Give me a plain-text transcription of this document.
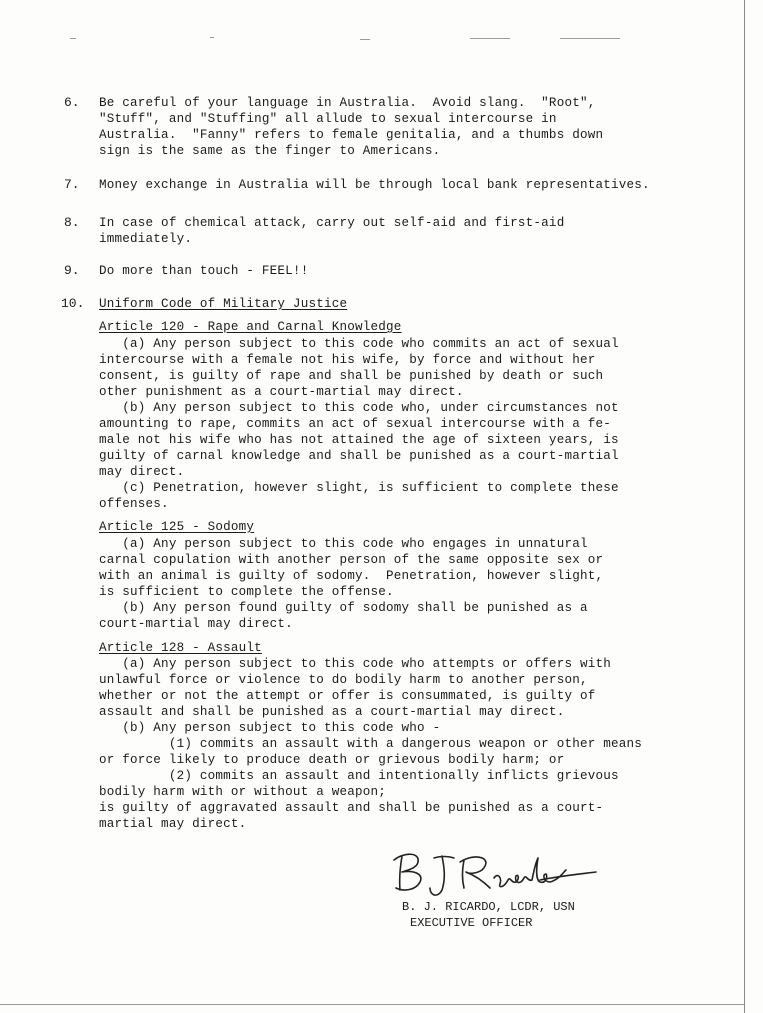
6. Be careful of your language in Australia.  Avoid slang.  "Root",
"Stuff", and "Stuffing" all allude to sexual intercourse in
Australia.  "Fanny" refers to female genitalia, and a thumbs down
sign is the same as the finger to Americans.
7. Money exchange in Australia will be through local bank representatives.
8. In case of chemical attack, carry out self-aid and first-aid
immediately.
9. Do more than touch - FEEL!!
10. Uniform Code of Military Justice
Article 120 - Rape and Carnal Knowledge
(a) Any person subject to this code who commits an act of sexual
intercourse with a female not his wife, by force and without her
consent, is guilty of rape and shall be punished by death or such
other punishment as a court-martial may direct.
(b) Any person subject to this code who, under circumstances not
amounting to rape, commits an act of sexual intercourse with a fe-
male not his wife who has not attained the age of sixteen years, is
guilty of carnal knowledge and shall be punished as a court-martial
may direct.
(c) Penetration, however slight, is sufficient to complete these
offenses.
Article 125 - Sodomy
(a) Any person subject to this code who engages in unnatural
carnal copulation with another person of the same opposite sex or
with an animal is guilty of sodomy.  Penetration, however slight,
is sufficient to complete the offense.
(b) Any person found guilty of sodomy shall be punished as a
court-martial may direct.
Article 128 - Assault
(a) Any person subject to this code who attempts or offers with
unlawful force or violence to do bodily harm to another person,
whether or not the attempt or offer is consummated, is guilty of
assault and shall be punished as a court-martial may direct.
(b) Any person subject to this code who -
(1) commits an assault with a dangerous weapon or other means
or force likely to produce death or grievous bodily harm; or
(2) commits an assault and intentionally inflicts grievous
bodily harm with or without a weapon;
is guilty of aggravated assault and shall be punished as a court-
martial may direct.
B. J. RICARDO, LCDR, USN
EXECUTIVE OFFICER
